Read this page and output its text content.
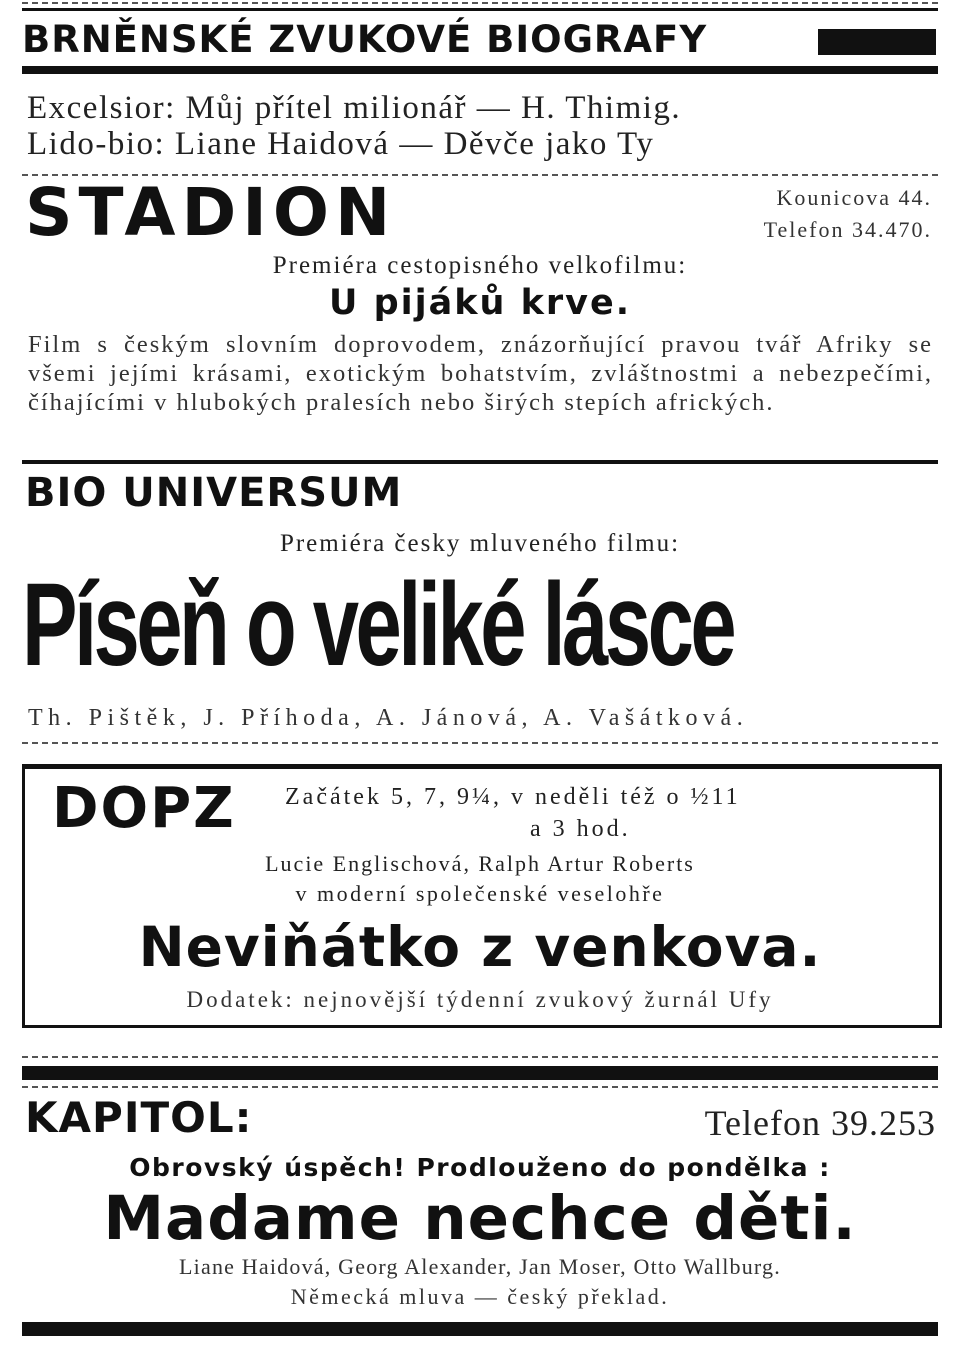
BRNĚNSKÉ ZVUKOVÉ BIOGRAFY
Excelsior: Můj přítel milionář — H. Thimig.
Lido-bio: Liane Haidová — Děvče jako Ty
STADION	Kounicova 44.
Telefon 34.470.
Premiéra cestopisného velkofilmu:
U pijáků krve.
Film s českým slovním doprovodem, znázorňující pravou tvář Afriky se všemi jejími krásami, exotickým bohatstvím, zvláštnostmi a nebezpečími, číhajícími v hlubokých pralesích nebo širých stepích afrických.
BIO UNIVERSUM
Premiéra česky mluveného filmu:
Píseň o veliké lásce
Th. Pištěk, J. Příhoda, A. Jánová, A. Vašátková.
DOPZ Začátek 5, 7, 9¼, v neděli též o ½11
a 3 hod.
Lucie Englischová, Ralph Artur Roberts
v moderní společenské veselohře
Neviňátko z venkova.
Dodatek: nejnovější týdenní zvukový žurnál Ufy
KAPITOL:	Telefon 39.253
Obrovský úspěch! Prodlouženo do pondělka :
Madame nechce děti.
Liane Haidová, Georg Alexander, Jan Moser, Otto Wallburg.
Německá mluva — český překlad.
